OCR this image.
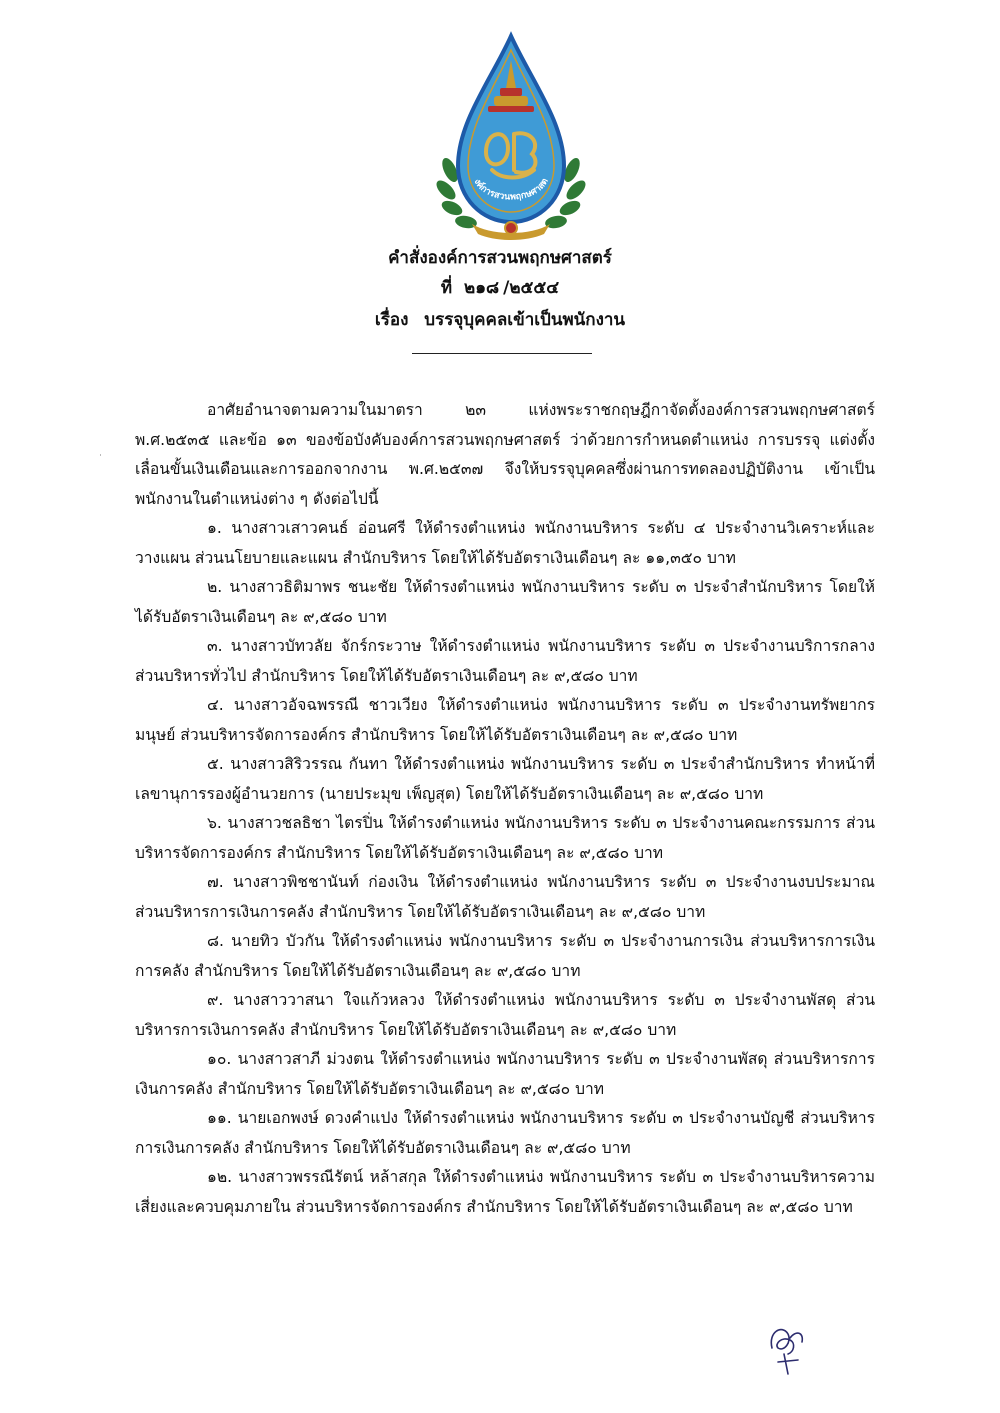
งค์การสวนพฤกษศาสต
คำสั่งองค์การสวนพฤกษศาสตร์
ที่ ๒๑๘ /๒๕๕๔
เรื่อง บรรจุบุคคลเข้าเป็นพนักงาน

อาศัยอำนาจตามความในมาตรา ๒๓ แห่งพระราชกฤษฎีกาจัดตั้งองค์การสวนพฤกษศาสตร์ พ.ศ.๒๕๓๕ และข้อ ๑๓ ของข้อบังคับองค์การสวนพฤกษศาสตร์ ว่าด้วยการกำหนดตำแหน่ง การบรรจุ แต่งตั้ง เลื่อนขั้นเงินเดือนและการออกจากงาน พ.ศ.๒๕๓๗ จึงให้บรรจุบุคคลซึ่งผ่านการทดลองปฏิบัติงาน เข้าเป็นพนักงานในตำแหน่งต่าง ๆ ดังต่อไปนี้

๑. นางสาวเสาวคนธ์ อ่อนศรี ให้ดำรงตำแหน่ง พนักงานบริหาร ระดับ ๔ ประจำงานวิเคราะห์และวางแผน ส่วนนโยบายและแผน สำนักบริหาร โดยให้ได้รับอัตราเงินเดือนๆ ละ ๑๑,๓๕๐ บาท

๒. นางสาวธิติมาพร ชนะชัย ให้ดำรงตำแหน่ง พนักงานบริหาร ระดับ ๓ ประจำสำนักบริหาร โดยให้ได้รับอัตราเงินเดือนๆ ละ ๙,๕๘๐ บาท

๓. นางสาวบัทวลัย จักร์กระวาษ ให้ดำรงตำแหน่ง พนักงานบริหาร ระดับ ๓ ประจำงานบริการกลาง ส่วนบริหารทั่วไป สำนักบริหาร โดยให้ได้รับอัตราเงินเดือนๆ ละ ๙,๕๘๐ บาท

๔. นางสาวอัจฉพรรณี ชาวเวียง ให้ดำรงตำแหน่ง พนักงานบริหาร ระดับ ๓ ประจำงานทรัพยากรมนุษย์ ส่วนบริหารจัดการองค์กร สำนักบริหาร โดยให้ได้รับอัตราเงินเดือนๆ ละ ๙,๕๘๐ บาท

๕. นางสาวสิริวรรณ กันทา ให้ดำรงตำแหน่ง พนักงานบริหาร ระดับ ๓ ประจำสำนักบริหาร ทำหน้าที่เลขานุการรองผู้อำนวยการ (นายประมุข เพ็ญสุต) โดยให้ได้รับอัตราเงินเดือนๆ ละ ๙,๕๘๐ บาท

๖. นางสาวชลธิชา ไตรปิ่น ให้ดำรงตำแหน่ง พนักงานบริหาร ระดับ ๓ ประจำงานคณะกรรมการ ส่วนบริหารจัดการองค์กร สำนักบริหาร โดยให้ได้รับอัตราเงินเดือนๆ ละ ๙,๕๘๐ บาท

๗. นางสาวพิชชานันท์ ก่องเงิน ให้ดำรงตำแหน่ง พนักงานบริหาร ระดับ ๓ ประจำงานงบประมาณ ส่วนบริหารการเงินการคลัง สำนักบริหาร โดยให้ได้รับอัตราเงินเดือนๆ ละ ๙,๕๘๐ บาท

๘. นายทิว บัวกัน ให้ดำรงตำแหน่ง พนักงานบริหาร ระดับ ๓ ประจำงานการเงิน ส่วนบริหารการเงินการคลัง สำนักบริหาร โดยให้ได้รับอัตราเงินเดือนๆ ละ ๙,๕๘๐ บาท

๙. นางสาววาสนา ใจแก้วหลวง ให้ดำรงตำแหน่ง พนักงานบริหาร ระดับ ๓ ประจำงานพัสดุ ส่วนบริหารการเงินการคลัง สำนักบริหาร โดยให้ได้รับอัตราเงินเดือนๆ ละ ๙,๕๘๐ บาท

๑๐. นางสาวสาภี ม่วงตน ให้ดำรงตำแหน่ง พนักงานบริหาร ระดับ ๓ ประจำงานพัสดุ ส่วนบริหารการเงินการคลัง สำนักบริหาร โดยให้ได้รับอัตราเงินเดือนๆ ละ ๙,๕๘๐ บาท

๑๑. นายเอกพงษ์ ดวงคำแปง ให้ดำรงตำแหน่ง พนักงานบริหาร ระดับ ๓ ประจำงานบัญชี ส่วนบริหารการเงินการคลัง สำนักบริหาร โดยให้ได้รับอัตราเงินเดือนๆ ละ ๙,๕๘๐ บาท

๑๒. นางสาวพรรณีรัตน์ หล้าสกุล ให้ดำรงตำแหน่ง พนักงานบริหาร ระดับ ๓ ประจำงานบริหารความเสี่ยงและควบคุมภายใน ส่วนบริหารจัดการองค์กร สำนักบริหาร โดยให้ได้รับอัตราเงินเดือนๆ ละ ๙,๕๘๐ บาท
